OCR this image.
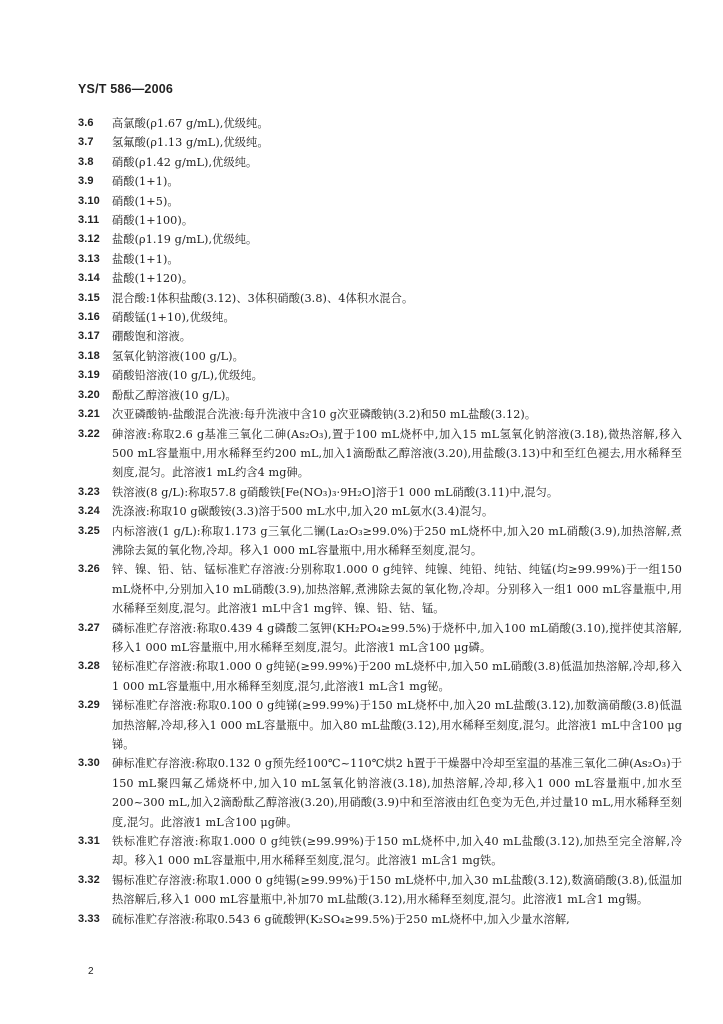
YS/T 586—2006
3.6 高氯酸(ρ1.67 g/mL),优级纯。
3.7 氢氟酸(ρ1.13 g/mL),优级纯。
3.8 硝酸(ρ1.42 g/mL),优级纯。
3.9 硝酸(1+1)。
3.10 硝酸(1+5)。
3.11 硝酸(1+100)。
3.12 盐酸(ρ1.19 g/mL),优级纯。
3.13 盐酸(1+1)。
3.14 盐酸(1+120)。
3.15 混合酸:1体积盐酸(3.12)、3体积硝酸(3.8)、4体积水混合。
3.16 硝酸锰(1+10),优级纯。
3.17 硼酸饱和溶液。
3.18 氢氧化钠溶液(100 g/L)。
3.19 硝酸铅溶液(10 g/L),优级纯。
3.20 酚酞乙醇溶液(10 g/L)。
3.21 次亚磷酸钠-盐酸混合洗液:每升洗液中含10 g次亚磷酸钠(3.2)和50 mL盐酸(3.12)。
3.22 砷溶液:称取2.6 g基准三氧化二砷(As₂O₃),置于100 mL烧杯中,加入15 mL氢氧化钠溶液(3.18),微热溶解,移入500 mL容量瓶中,用水稀释至约200 mL,加入1滴酚酞乙醇溶液(3.20),用盐酸(3.13)中和至红色褪去,用水稀释至刻度,混匀。此溶液1 mL约含4 mg砷。
3.23 铁溶液(8 g/L):称取57.8 g硝酸铁[Fe(NO₃)₃·9H₂O]溶于1 000 mL硝酸(3.11)中,混匀。
3.24 洗涤液:称取10 g碳酸铵(3.3)溶于500 mL水中,加入20 mL氨水(3.4)混匀。
3.25 内标溶液(1 g/L):称取1.173 g三氧化二镧(La₂O₃≥99.0%)于250 mL烧杯中,加入20 mL硝酸(3.9),加热溶解,煮沸除去氮的氧化物,冷却。移入1 000 mL容量瓶中,用水稀释至刻度,混匀。
3.26 锌、镍、铅、钴、锰标准贮存溶液:分别称取1.000 0 g纯锌、纯镍、纯铅、纯钴、纯锰(均≥99.99%)于一组150 mL烧杯中,分别加入10 mL硝酸(3.9),加热溶解,煮沸除去氮的氧化物,冷却。分别移入一组1 000 mL容量瓶中,用水稀释至刻度,混匀。此溶液1 mL中含1 mg锌、镍、铅、钴、锰。
3.27 磷标准贮存溶液:称取0.439 4 g磷酸二氢钾(KH₂PO₄≥99.5%)于烧杯中,加入100 mL硝酸(3.10),搅拌使其溶解,移入1 000 mL容量瓶中,用水稀释至刻度,混匀。此溶液1 mL含100 μg磷。
3.28 铋标准贮存溶液:称取1.000 0 g纯铋(≥99.99%)于200 mL烧杯中,加入50 mL硝酸(3.8)低温加热溶解,冷却,移入1 000 mL容量瓶中,用水稀释至刻度,混匀,此溶液1 mL含1 mg铋。
3.29 锑标准贮存溶液:称取0.100 0 g纯锑(≥99.99%)于150 mL烧杯中,加入20 mL盐酸(3.12),加数滴硝酸(3.8)低温加热溶解,冷却,移入1 000 mL容量瓶中。加入80 mL盐酸(3.12),用水稀释至刻度,混匀。此溶液1 mL中含100 μg锑。
3.30 砷标准贮存溶液:称取0.132 0 g预先经100℃~110℃烘2 h置于干燥器中冷却至室温的基准三氧化二砷(As₂O₃)于150 mL聚四氟乙烯烧杯中,加入10 mL氢氧化钠溶液(3.18),加热溶解,冷却,移入1 000 mL容量瓶中,加水至200~300 mL,加入2滴酚酞乙醇溶液(3.20),用硝酸(3.9)中和至溶液由红色变为无色,并过量10 mL,用水稀释至刻度,混匀。此溶液1 mL含100 μg砷。
3.31 铁标准贮存溶液:称取1.000 0 g纯铁(≥99.99%)于150 mL烧杯中,加入40 mL盐酸(3.12),加热至完全溶解,冷却。移入1 000 mL容量瓶中,用水稀释至刻度,混匀。此溶液1 mL含1 mg铁。
3.32 锡标准贮存溶液:称取1.000 0 g纯锡(≥99.99%)于150 mL烧杯中,加入30 mL盐酸(3.12),数滴硝酸(3.8),低温加热溶解后,移入1 000 mL容量瓶中,补加70 mL盐酸(3.12),用水稀释至刻度,混匀。此溶液1 mL含1 mg锡。
3.33 硫标准贮存溶液:称取0.543 6 g硫酸钾(K₂SO₄≥99.5%)于250 mL烧杯中,加入少量水溶解,
2
